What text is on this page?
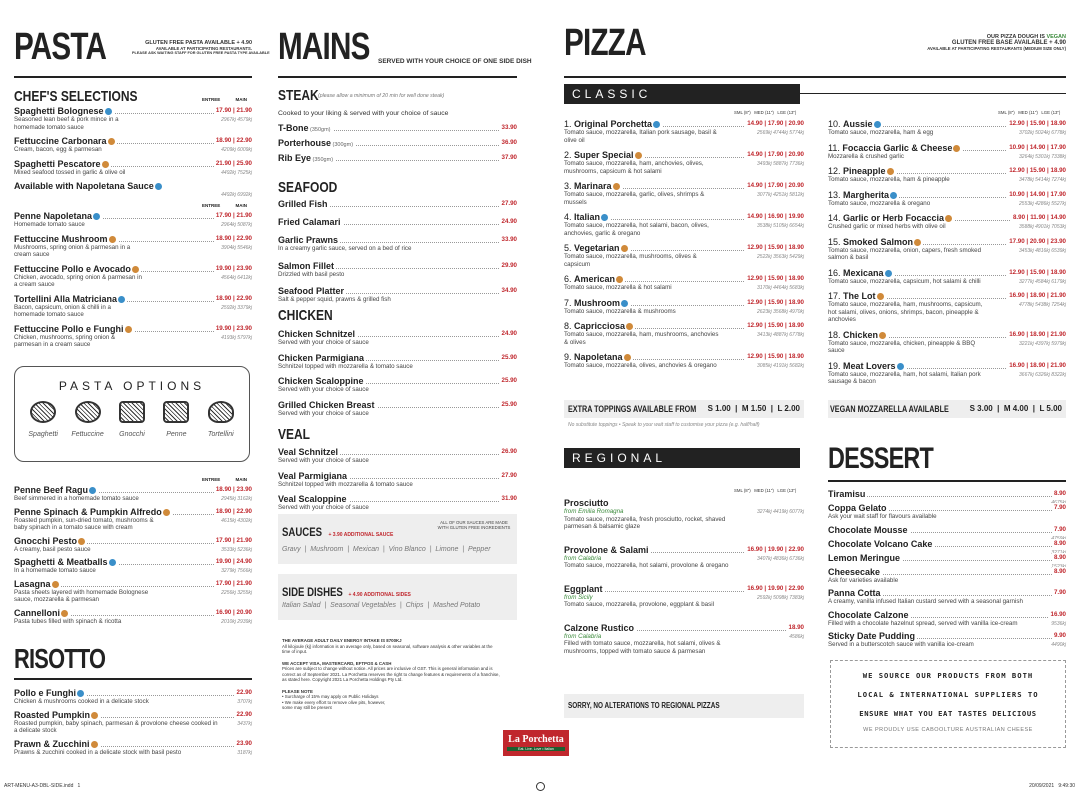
PASTA	GLUTEN FREE PASTA AVAILABLE + 4.90
AVAILABLE AT PARTICIPATING RESTAURANTS.
PLEASE ASK WAITING STAFF FOR GLUTEN FREE PASTA TYPE AVAILABLE
CHEF'S SELECTIONS	ENTREE	MAIN
Spaghetti Bolognese	17.90 | 21.90
2967kj 4579kj
Seasoned lean beef & pork mince in a homemade tomato sauce
Fettuccine Carbonara	18.90 | 22.90
4209kj 6009kj
Cream, bacon, egg & parmesan
Spaghetti Pescatore	21.90 | 25.90
4492kj 7525kj
Mixed seafood tossed in garlic & olive oil
Available with Napoletana Sauce
4492kj 6992kj
ENTREE	MAIN
Penne Napoletana	17.90 | 21.90
2964kj 5087kj
Homemade tomato sauce
Fettuccine Mushroom	18.90 | 22.90
3904kj 5546kj
Mushrooms, spring onion & parmesan in a cream sauce
Fettuccine Pollo e Avocado	19.90 | 23.90
4564kj 6412kj
Chicken, avocado, spring onion & parmesan in a cream sauce
Tortellini Alla Matriciana	18.90 | 22.90
2592kj 3379kj
Bacon, capsicum, onion & chilli in a homemade tomato sauce
Fettuccine Pollo e Funghi	19.90 | 23.90
4193kj 5797kj
Chicken, mushrooms, spring onion & parmesan in a cream sauce
PASTA OPTIONS
Spaghetti	Fettuccine	Gnocchi	Penne	Tortellini
ENTREE	MAIN
Penne Beef Ragu	18.90 | 23.90
2945kj 3162kj
Beef simmered in a homemade tomato sauce
Penne Spinach & Pumpkin Alfredo	18.90 | 22.90
4615kj 4302kj
Roasted pumpkin, sun-dried tomato, mushrooms & baby spinach in a tomato sauce with cream
Gnocchi Pesto	17.90 | 21.90
3533kj 5236kj
A creamy, basil pesto sauce
Spaghetti & Meatballs	19.90 | 24.90
3279kj 7566kj
In a homemade tomato sauce
Lasagna	17.90 | 21.90
2256kj 3255kj
Pasta sheets layered with homemade Bolognese sauce, mozzarella & parmesan
Cannelloni	16.90 | 20.90
2010kj 2939kj
Pasta tubes filled with spinach & ricotta
RISOTTO
Pollo e Funghi	22.90
3707kj
Chicken & mushrooms cooked in a delicate stock
Roasted Pumpkin	22.90
3437kj
Roasted pumpkin, baby spinach, parmesan & provolone cheese cooked in a delicate stock
Prawn & Zucchini	23.90
3187kj
Prawns & zucchini cooked in a delicate stock with basil pesto
MAINS SERVED WITH YOUR CHOICE OF ONE SIDE DISH
STEAK (please allow a minimum of 20 min for well done steak)
Cooked to your liking & served with your choice of sauce
T-Bone (350gm)	33.90
Porterhouse (300gm)	36.90
Rib Eye (350gm)	37.90
SEAFOOD
Grilled Fish	27.90
Fried Calamari	24.90
Garlic Prawns	33.90
In a creamy garlic sauce, served on a bed of rice
Salmon Fillet	29.90
Drizzled with basil pesto
Seafood Platter	34.90
Salt & pepper squid, prawns & grilled fish
CHICKEN
Chicken Schnitzel	24.90
Served with your choice of sauce
Chicken Parmigiana	25.90
Schnitzel topped with mozzarella & tomato sauce
Chicken Scaloppine	25.90
Served with your choice of sauce
Grilled Chicken Breast	25.90
Served with your choice of sauce
VEAL
Veal Schnitzel	26.90
Served with your choice of sauce
Veal Parmigiana	27.90
Schnitzel topped with mozzarella & tomato sauce
Veal Scaloppine	31.90
Served with your choice of sauce
SAUCES + 3.90 ADDITIONAL SAUCE
ALL OF OUR SAUCES ARE MADE WITH GLUTEN FREE INGREDIENTS
Gravy  |  Mushroom  |  Mexican  |  Vino Blanco  |  Limone  |  Pepper
SIDE DISHES + 4.90 ADDITIONAL SIDES
Italian Salad  |  Seasonal Vegetables  |  Chips  |  Mashed Potato
THE AVERAGE ADULT DAILY ENERGY INTAKE IS 8700KJ
All kilojoule (kj) information is an average only, based on seasonal, software analysis & other variables at the time of input.
WE ACCEPT VISA, MASTERCARD, EFTPOS & CASH
Prices are subject to change without notice. All prices are inclusive of GST. This is general information and is correct as of September 2021. La Porchetta reserves the right to change features & requirements of a franchise, as stated here. Copyright 2021 La Porchetta Holdings Pty Ltd.
PLEASE NOTE
• Surcharge of 15% may apply on Public Holidays
• We make every effort to remove olive pits, however, some may still be present
La Porchetta
Eat. Live. Love • Italian
PIZZA	OUR PIZZA DOUGH IS VEGAN
GLUTEN FREE BASE AVAILABLE + 4.90
AVAILABLE AT PARTICIPATING RESTAURANTS (MEDIUM SIZE ONLY)
CLASSIC
SML (8")   MED (11")   LGE (13")	SML (8")   MED (11")   LGE (13")
1. Original Porchetta	14.90 | 17.90 | 20.90
2569kj 4744kj 5774kj
Tomato sauce, mozzarella, Italian pork sausage, basil & olive oil
2. Super Special	14.90 | 17.90 | 20.90
3493kj 5887kj 7736kj
Tomato sauce, mozzarella, ham, anchovies, olives, mushrooms, capsicum & hot salami
3. Marinara	14.90 | 17.90 | 20.90
3077kj 4251kj 5812kj
Tomato sauce, mozzarella, garlic, olives, shrimps & mussels
4. Italian	14.90 | 16.90 | 19.90
3538kj 5105kj 6654kj
Tomato sauce, mozzarella, hot salami, bacon, olives, anchovies, garlic & oregano
5. Vegetarian	12.90 | 15.90 | 18.90
2522kj 3563kj 5429kj
Tomato sauce, mozzarella, mushrooms, olives & capsicum
6. American	12.90 | 15.90 | 18.90
3170kj 4464kj 5683kj
Tomato sauce, mozzarella & hot salami
7. Mushroom	12.90 | 15.90 | 18.90
2623kj 3568kj 4970kj
Tomato sauce, mozzarella & mushrooms
8. Capricciosa	12.90 | 15.90 | 18.90
3413kj 4887kj 6778kj
Tomato sauce, mozzarella, ham, mushrooms, anchovies & olives
9. Napoletana	12.90 | 15.90 | 18.90
3085kj 4191kj 5682kj
Tomato sauce, mozzarella, olives, anchovies & oregano
10. Aussie	12.90 | 15.90 | 18.90
3702kj 5024kj 6778kj
Tomato sauce, mozzarella, ham & egg
11. Focaccia Garlic & Cheese	10.90 | 14.90 | 17.90
3264kj 5301kj 7338kj
Mozzarella & crushed garlic
12. Pineapple	12.90 | 15.90 | 18.90
3478kj 5414kj 7274kj
Tomato sauce, mozzarella, ham & pineapple
13. Margherita	10.90 | 14.90 | 17.90
2553kj 4286kj 5527kj
Tomato sauce, mozzarella & oregano
14. Garlic or Herb Focaccia	8.90 | 11.90 | 14.90
3588kj 4901kj 7053kj
Crushed garlic or mixed herbs with olive oil
15. Smoked Salmon	17.90 | 20.90 | 23.90
3453kj 4816kj 6539kj
Tomato sauce, mozzarella, onion, capers, fresh smoked salmon & basil
16. Mexicana	12.90 | 15.90 | 18.90
3277kj 4584kj 6179kj
Tomato sauce, mozzarella, capsicum, hot salami & chilli
17. The Lot	16.90 | 18.90 | 21.90
4778kj 5438kj 7254kj
Tomato sauce, mozzarella, ham, mushrooms, capsicum, hot salami, olives, onions, shrimps, bacon, pineapple & anchovies
18. Chicken	16.90 | 18.90 | 21.90
3221kj 4397kj 5979kj
Tomato sauce, mozzarella, chicken, pineapple & BBQ sauce
19. Meat Lovers	16.90 | 18.90 | 21.90
3667kj 6326kj 8322kj
Tomato sauce, mozzarella, ham, hot salami, Italian pork sausage & bacon
EXTRA TOPPINGS AVAILABLE FROM S 1.00  |  M 1.50  |  L 2.00	VEGAN MOZZARELLA AVAILABLE	S 3.00  |  M 4.00  |  L 5.00
No substitute toppings • Speak to your wait staff to customise your pizza (e.g. half/half)
REGIONAL
SML (8")   MED (11")   LGE (13")
Prosciutto
3274kj 4419kj 6077kj
from Emilia Romagna
Tomato sauce, mozzarella, fresh prosciutto, rocket, shaved parmesan & balsamic glaze
Provolone & Salami	16.90 | 19.90 | 22.90
3407kj 4836kj 6736kj
from Calabria
Tomato sauce, mozzarella, hot salami, provolone & oregano
Eggplant	16.90 | 19.90 | 22.90
2592kj 5098kj 7383kj
from Sicily
Tomato sauce, mozzarella, provolone, eggplant & basil
Calzone Rustico	18.90
4586kj
from Calabria
Filled with tomato sauce, mozzarella, hot salami, olives & mushrooms, topped with tomato sauce & parmesan
SORRY, NO ALTERATIONS TO REGIONAL PIZZAS
DESSERT
Tiramisu	8.90
Coppa Gelato	7.90
Ask your wait staff for flavours available
Chocolate Mousse	7.90
Chocolate Volcano Cake	8.90
Lemon Meringue	8.90
Cheesecake	8.90
Ask for varieties available
Panna Cotta	7.90
A creamy, vanilla infused Italian custard served with a seasonal garnish
Chocolate Calzone	16.90
9536kj
Filled with a chocolate hazelnut spread, served with vanilla ice-cream
Sticky Date Pudding	9.90
4490kj
Served in a butterscotch sauce with vanilla ice-cream
WE SOURCE OUR PRODUCTS FROM BOTH
LOCAL & INTERNATIONAL SUPPLIERS TO
ENSURE WHAT YOU EAT TASTES DELICIOUS
WE PROUDLY USE CABOOLTURE AUSTRALIAN CHEESE
ART-MENU-A3-DBL-SIDE.indd   1	20/09/2021   9:49:30
